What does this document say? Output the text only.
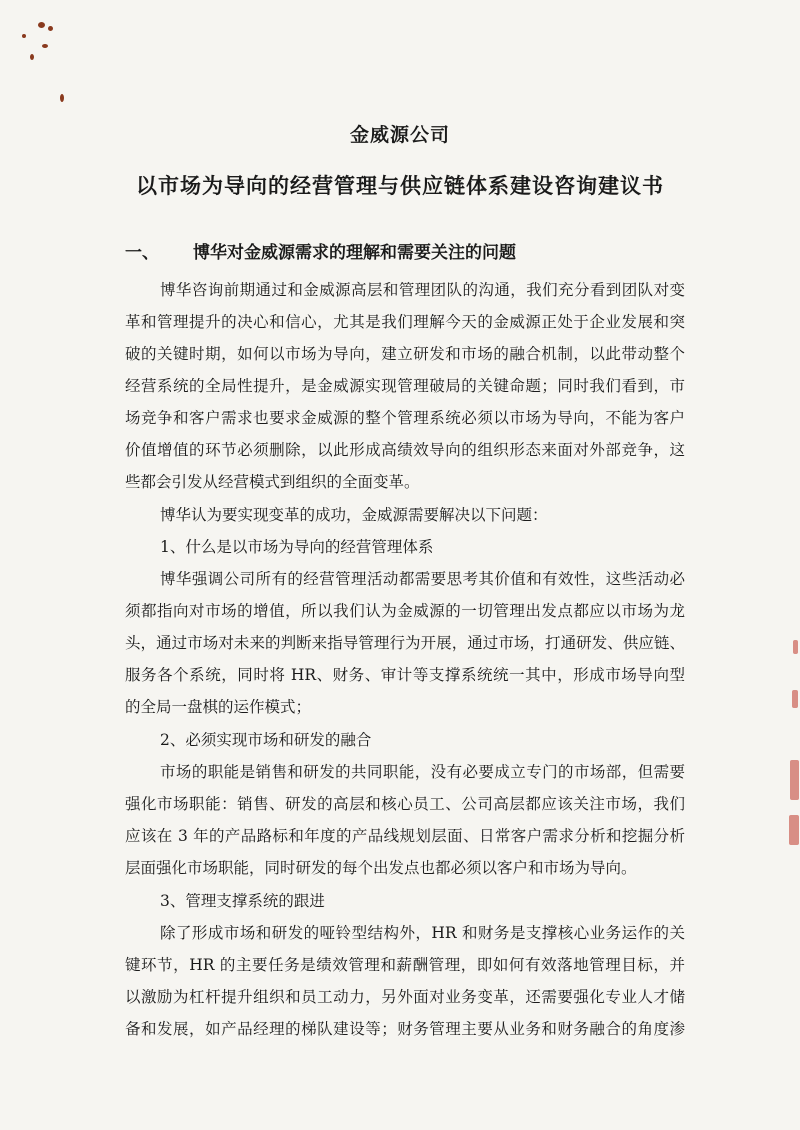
金威源公司
以市场为导向的经营管理与供应链体系建设咨询建议书
一、 博华对金威源需求的理解和需要关注的问题
博华咨询前期通过和金威源高层和管理团队的沟通，我们充分看到团队对变
革和管理提升的决心和信心，尤其是我们理解今天的金威源正处于企业发展和突
破的关键时期，如何以市场为导向，建立研发和市场的融合机制，以此带动整个
经营系统的全局性提升，是金威源实现管理破局的关键命题；同时我们看到，市
场竞争和客户需求也要求金威源的整个管理系统必须以市场为导向，不能为客户
价值增值的环节必须删除，以此形成高绩效导向的组织形态来面对外部竞争，这
些都会引发从经营模式到组织的全面变革。
博华认为要实现变革的成功，金威源需要解决以下问题：
1、什么是以市场为导向的经营管理体系
博华强调公司所有的经营管理活动都需要思考其价值和有效性，这些活动必
须都指向对市场的增值，所以我们认为金威源的一切管理出发点都应以市场为龙
头，通过市场对未来的判断来指导管理行为开展，通过市场，打通研发、供应链、
服务各个系统，同时将 HR、财务、审计等支撑系统统一其中，形成市场导向型
的全局一盘棋的运作模式；
2、必须实现市场和研发的融合
市场的职能是销售和研发的共同职能，没有必要成立专门的市场部，但需要
强化市场职能：销售、研发的高层和核心员工、公司高层都应该关注市场，我们
应该在 3 年的产品路标和年度的产品线规划层面、日常客户需求分析和挖掘分析
层面强化市场职能，同时研发的每个出发点也都必须以客户和市场为导向。
3、管理支撑系统的跟进
除了形成市场和研发的哑铃型结构外，HR 和财务是支撑核心业务运作的关
键环节，HR 的主要任务是绩效管理和薪酬管理，即如何有效落地管理目标，并
以激励为杠杆提升组织和员工动力，另外面对业务变革，还需要强化专业人才储
备和发展，如产品经理的梯队建设等；财务管理主要从业务和财务融合的角度渗
